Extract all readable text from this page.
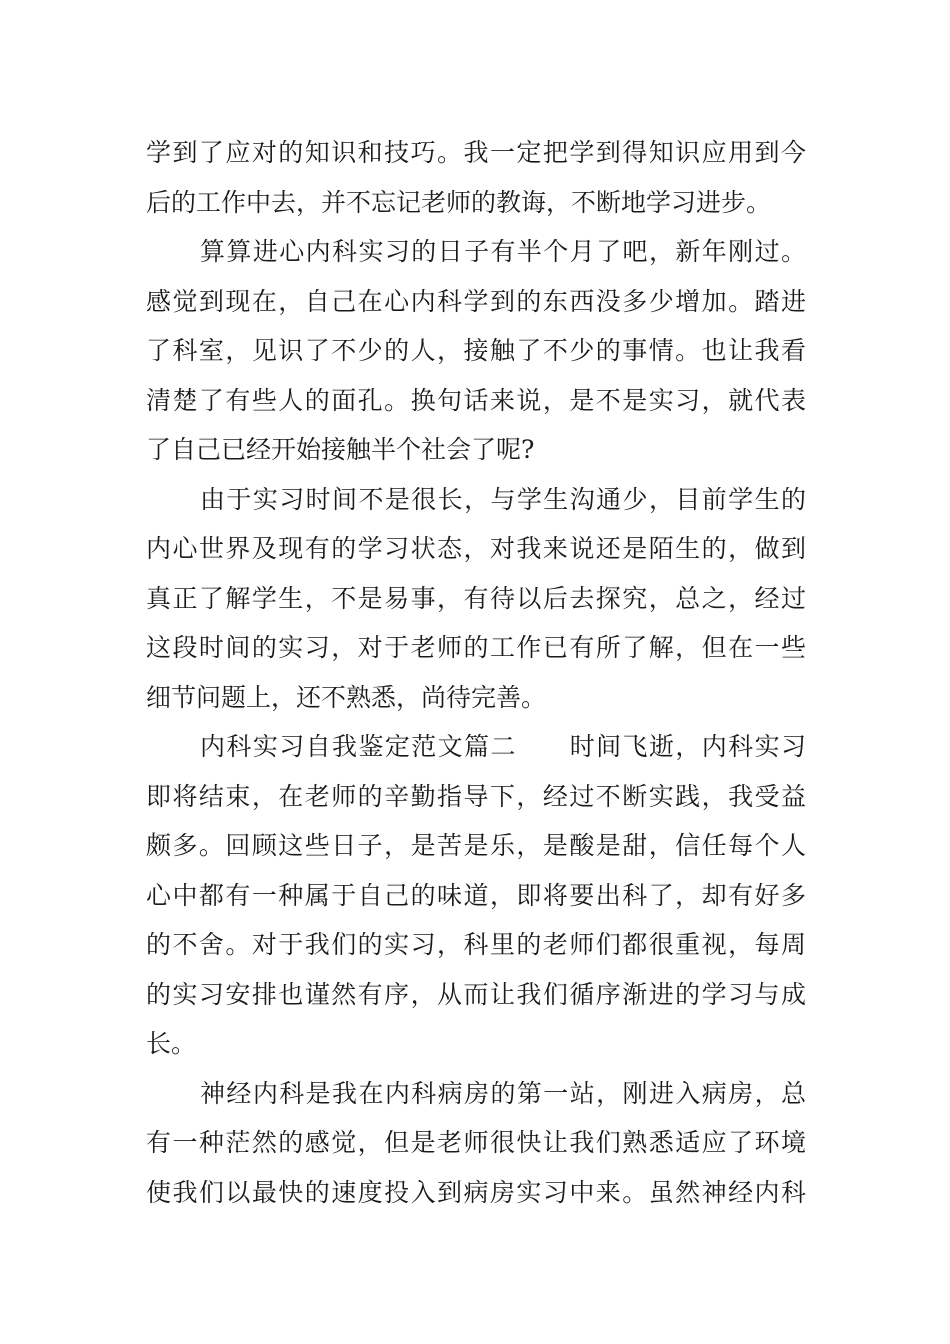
学到了应对的知识和技巧。我一定把学到得知识应用到今
后的工作中去，并不忘记老师的教诲，不断地学习进步。
算算进心内科实习的日子有半个月了吧，新年刚过。
感觉到现在，自己在心内科学到的东西没多少增加。踏进
了科室，见识了不少的人，接触了不少的事情。也让我看
清楚了有些人的面孔。换句话来说，是不是实习，就代表
了自己已经开始接触半个社会了呢?
由于实习时间不是很长，与学生沟通少，目前学生的
内心世界及现有的学习状态，对我来说还是陌生的，做到
真正了解学生，不是易事，有待以后去探究，总之，经过
这段时间的实习，对于老师的工作已有所了解，但在一些
细节问题上，还不熟悉，尚待完善。
内科实习自我鉴定范文篇二　　时间飞逝，内科实习
即将结束，在老师的辛勤指导下，经过不断实践，我受益
颇多。回顾这些日子，是苦是乐，是酸是甜，信任每个人
心中都有一种属于自己的味道，即将要出科了，却有好多
的不舍。对于我们的实习，科里的老师们都很重视，每周
的实习安排也谨然有序，从而让我们循序渐进的学习与成
长。
神经内科是我在内科病房的第一站，刚进入病房，总
有一种茫然的感觉，但是老师很快让我们熟悉适应了环境
使我们以最快的速度投入到病房实习中来。虽然神经内科
